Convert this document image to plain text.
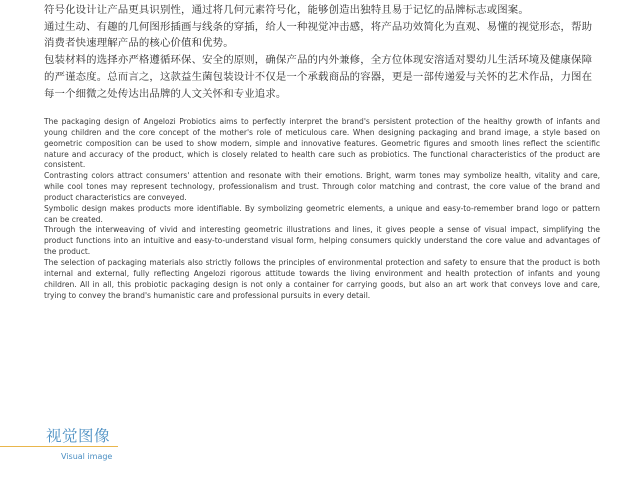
符号化设计让产品更具识别性，通过将几何元素符号化，能够创造出独特且易于记忆的品牌标志或图案。

通过生动、有趣的几何图形插画与线条的穿插，给人一种视觉冲击感，将产品功效简化为直观、易懂的视觉形态，帮助消费者快速理解产品的核心价值和优势。

包装材料的选择亦严格遵循环保、安全的原则，确保产品的内外兼修，全方位体现安溶适对婴幼儿生活环境及健康保障的严谨态度。总而言之，这款益生菌包装设计不仅是一个承载商品的容器，更是一部传递爱与关怀的艺术作品，力图在每一个细微之处传达出品牌的人文关怀和专业追求。

The packaging design of Angelozi Probiotics aims to perfectly interpret the brand's persistent protection of the healthy growth of infants and young children and the core concept of the mother's role of meticulous care. When designing packaging and brand image, a style based on geometric composition can be used to show modern, simple and innovative features. Geometric figures and smooth lines reflect the scientific nature and accuracy of the product, which is closely related to health care such as probiotics. The functional characteristics of the product are consistent.

Contrasting colors attract consumers' attention and resonate with their emotions. Bright, warm tones may symbolize health, vitality and care, while cool tones may represent technology, professionalism and trust. Through color matching and contrast, the core value of the brand and product characteristics are conveyed.

Symbolic design makes products more identifiable. By symbolizing geometric elements, a unique and easy-to-remember brand logo or pattern can be created.

Through the interweaving of vivid and interesting geometric illustrations and lines, it gives people a sense of visual impact, simplifying the product functions into an intuitive and easy-to-understand visual form, helping consumers quickly understand the core value and advantages of the product.

The selection of packaging materials also strictly follows the principles of environmental protection and safety to ensure that the product is both internal and external, fully reflecting Angelozi rigorous attitude towards the living environment and health protection of infants and young children. All in all, this probiotic packaging design is not only a container for carrying goods, but also an art work that conveys love and care, trying to convey the brand's humanistic care and professional pursuits in every detail.

视觉图像
Visual image
